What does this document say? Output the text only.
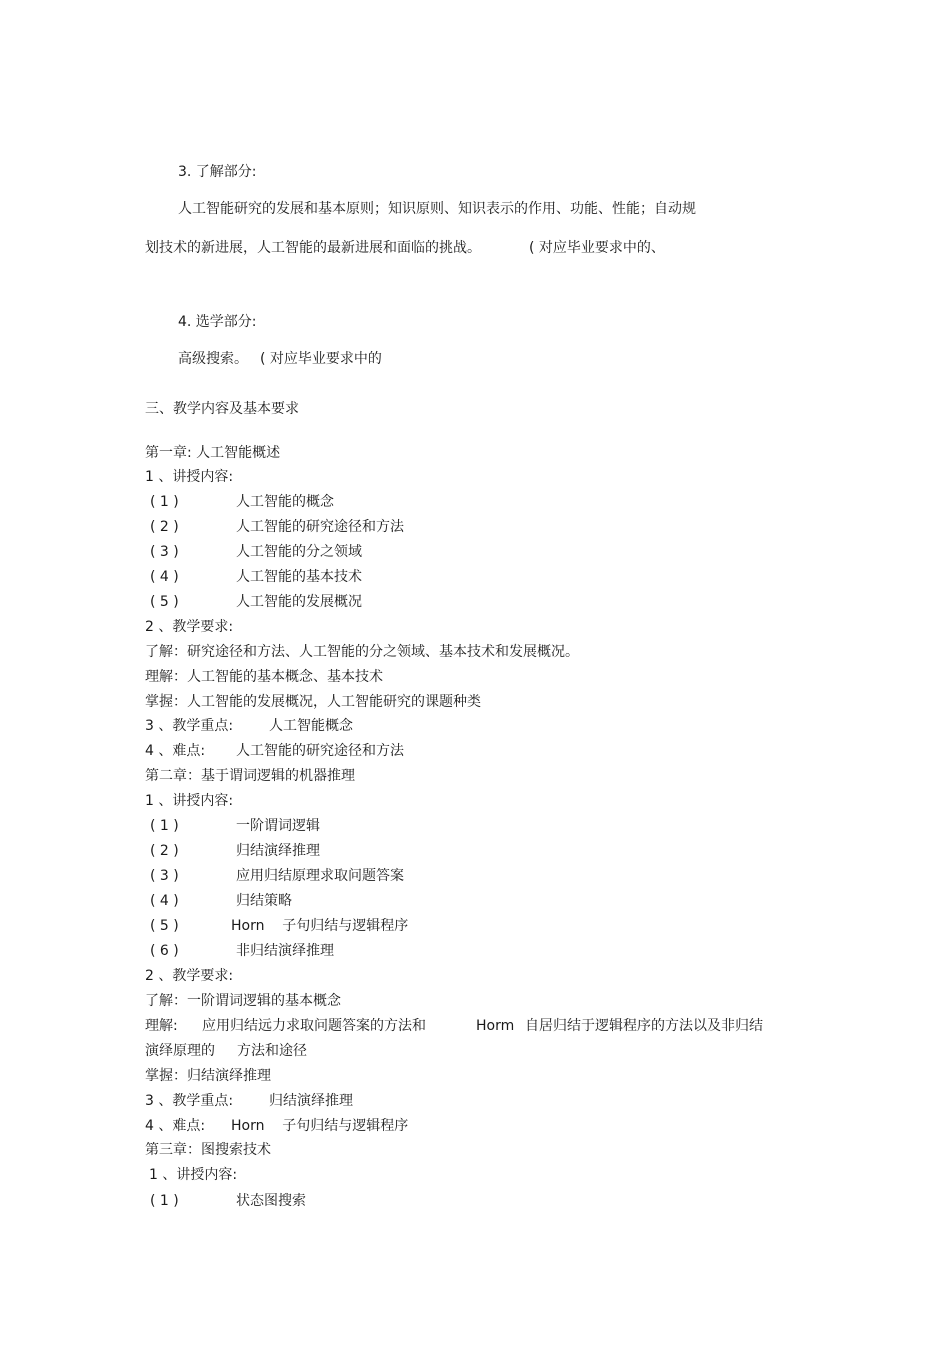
3. 了解部分:
人工智能研究的发展和基本原则；知识原则、知识表示的作用、功能、性能；自动规
划技术的新进展，人工智能的最新进展和面临的挑战。	( 对应毕业要求中的、
4. 选学部分:
高级搜索。 ( 对应毕业要求中的
三、教学内容及基本要求
第一章: 人工智能概述
1 、讲授内容:
( 1 )	人工智能的概念
( 2 )	人工智能的研究途径和方法
( 3 )	人工智能的分之领域
( 4 )	人工智能的基本技术
( 5 )	人工智能的发展概况
2 、教学要求:
了解：研究途径和方法、人工智能的分之领域、基本技术和发展概况。
理解：人工智能的基本概念、基本技术
掌握：人工智能的发展概况，人工智能研究的课题种类
3 、教学重点:	人工智能概念
4 、难点: 人工智能的研究途径和方法
第二章：基于谓词逻辑的机器推理
1 、讲授内容:
( 1 )	一阶谓词逻辑
( 2 )	归结演绎推理
( 3 )	应用归结原理求取问题答案
( 4 )	归结策略
( 5 )	Horn    子句归结与逻辑程序
( 6 )	非归结演绎推理
2 、教学要求:
了解：一阶谓词逻辑的基本概念
理解: 应用归结远力求取问题答案的方法和	Horm 自居归结于逻辑程序的方法以及非归结
演绎原理的 方法和途径
掌握：归结演绎推理
3 、教学重点:	归结演绎推理
4 、难点: Horn    子句归结与逻辑程序
第三章：图搜索技术
1 、讲授内容:
( 1 )	状态图搜索
